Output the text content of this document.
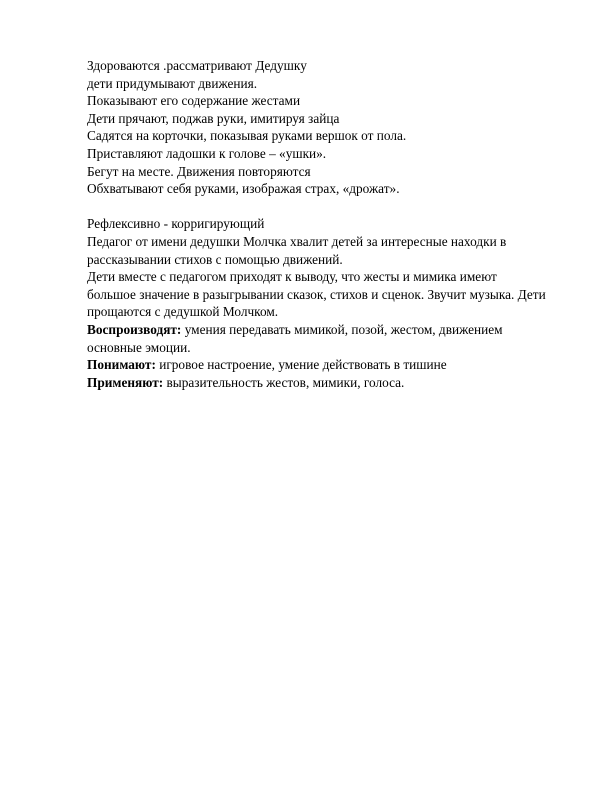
Здороваются .рассматривают Дедушку
дети придумывают движения.
Показывают его содержание жестами
Дети прячают, поджав руки, имитируя зайца
Садятся на корточки, показывая руками вершок от пола.
Приставляют ладошки к голове – «ушки».
Бегут на месте. Движения повторяются
Обхватывают себя руками, изображая страх, «дрожат».
Рефлексивно - корригирующий
Педагог от имени дедушки Молчка хвалит детей за интересные находки в
рассказывании стихов с помощью движений.
Дети вместе с педагогом приходят к выводу, что жесты и мимика имеют
большое значение в разыгрывании сказок, стихов и сценок. Звучит музыка. Дети
прощаются с дедушкой Молчком.
Воспроизводят: умения передавать мимикой, позой, жестом, движением
основные эмоции.
Понимают: игровое настроение, умение действовать в тишине
Применяют: выразительность жестов, мимики, голоса.
